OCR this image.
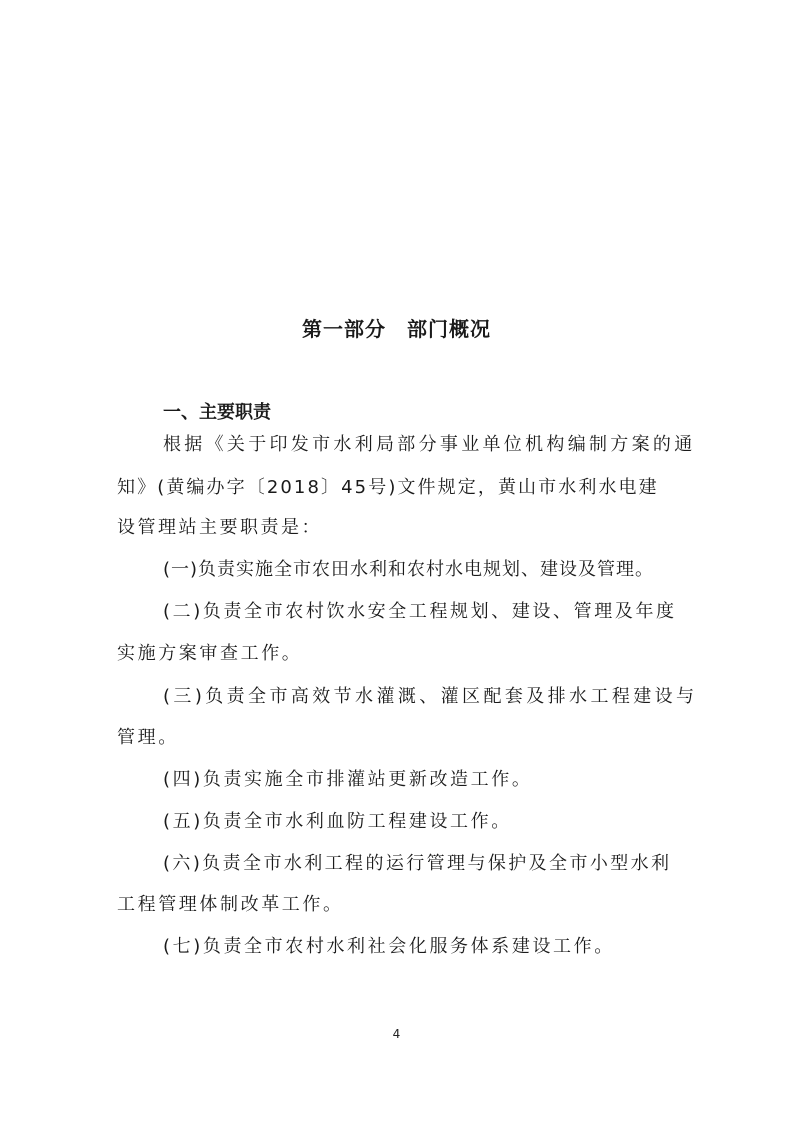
第一部分　部门概况
一、主要职责
根据《关于印发市水利局部分事业单位机构编制方案的通
知》(黄编办字〔2018〕45号)文件规定，黄山市水利水电建
设管理站主要职责是：
(一)负责实施全市农田水利和农村水电规划、建设及管理。
(二)负责全市农村饮水安全工程规划、建设、管理及年度
实施方案审查工作。
(三)负责全市高效节水灌溉、灌区配套及排水工程建设与
管理。
(四)负责实施全市排灌站更新改造工作。
(五)负责全市水利血防工程建设工作。
(六)负责全市水利工程的运行管理与保护及全市小型水利
工程管理体制改革工作。
(七)负责全市农村水利社会化服务体系建设工作。
4
